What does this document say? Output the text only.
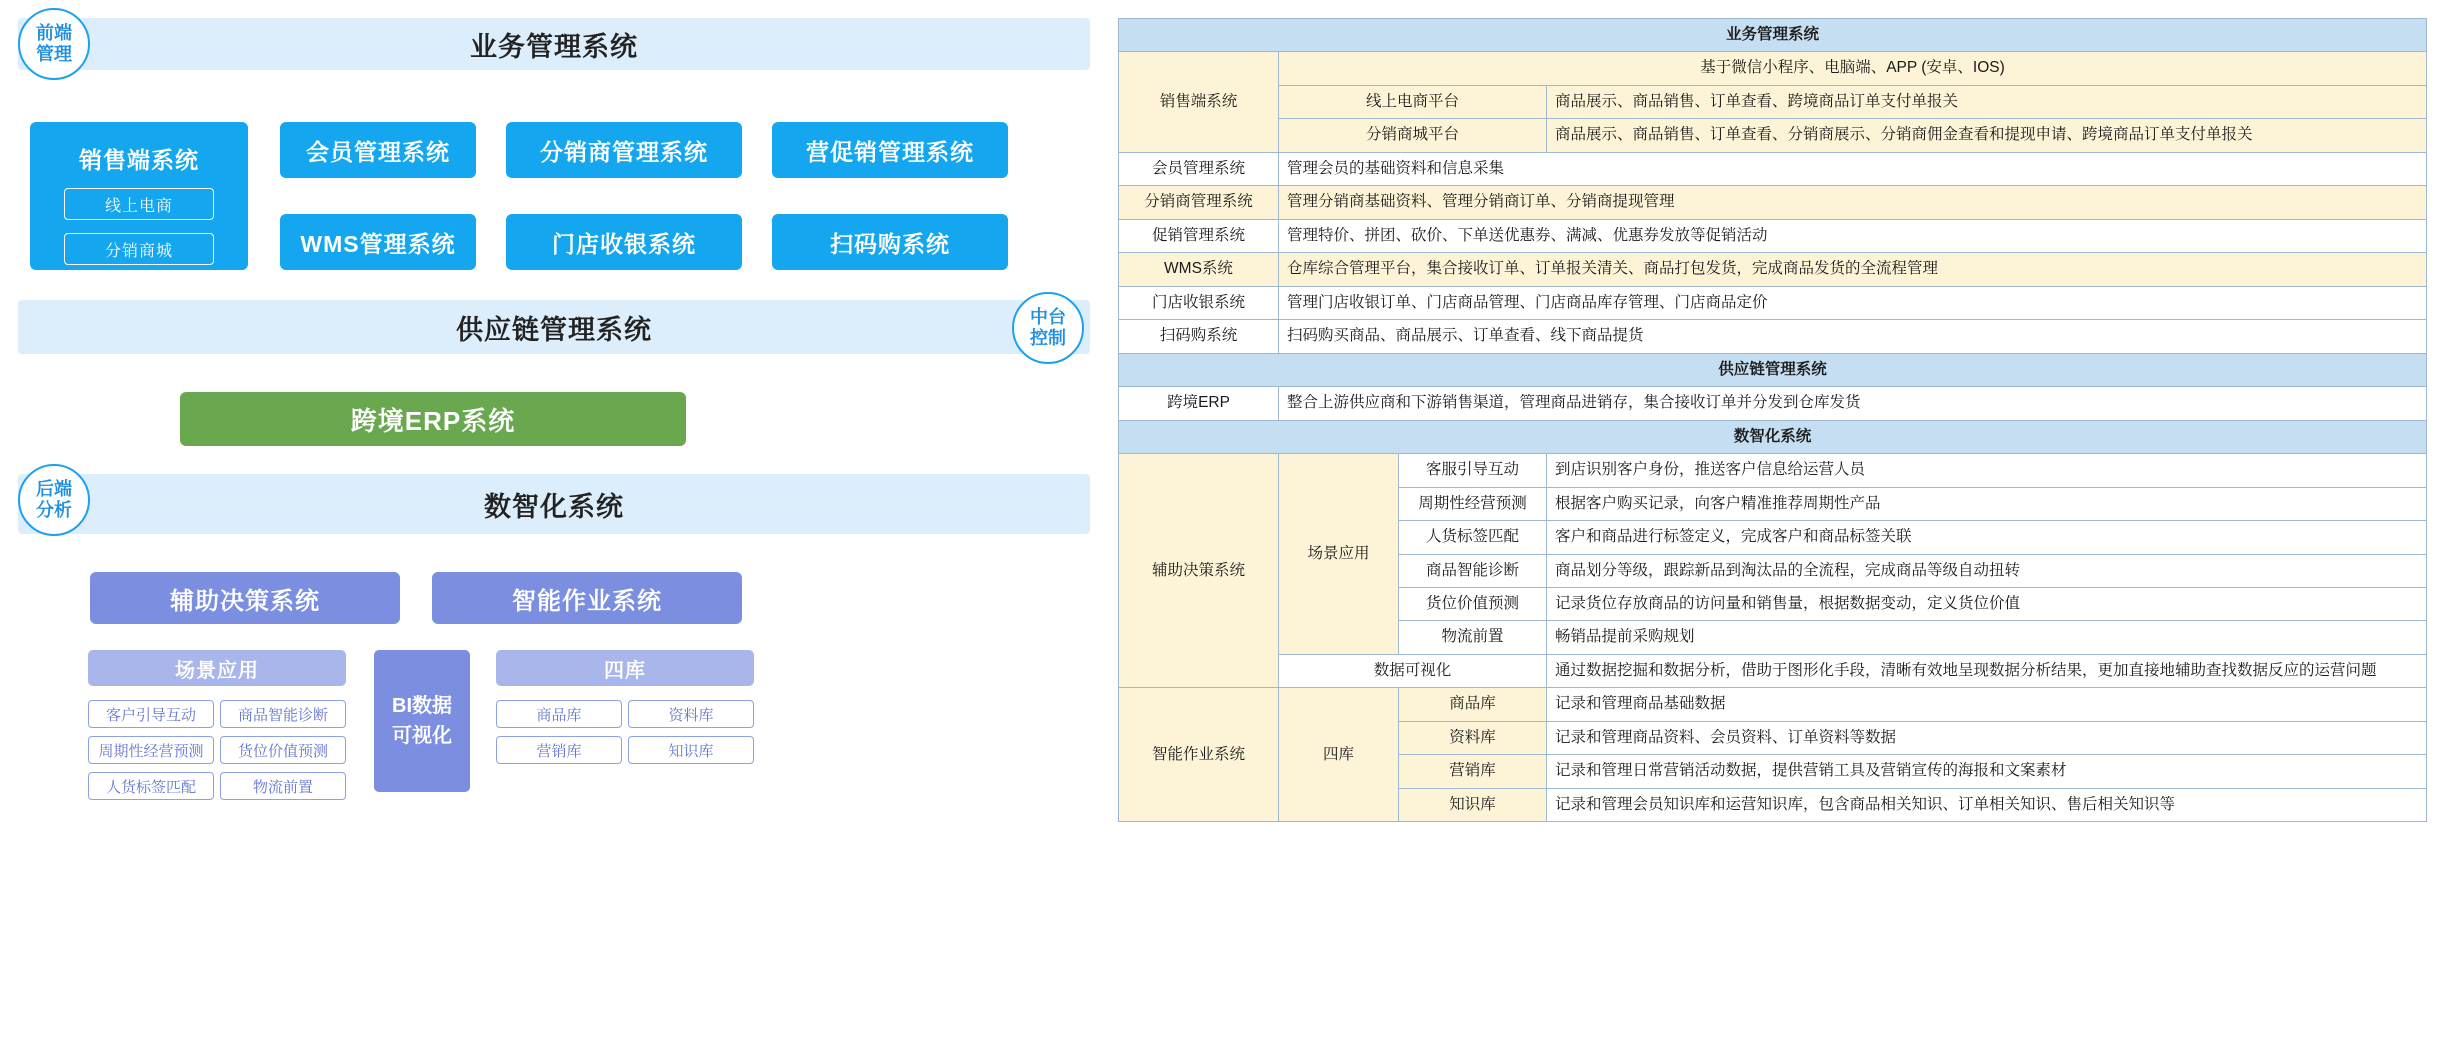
业务管理系统
前端
管理
销售端系统
线上电商
分销商城
会员管理系统	分销商管理系统	营促销管理系统
WMS管理系统	门店收银系统	扫码购系统
供应链管理系统	中台
控制
跨境ERP系统
数智化系统
后端
分析
辅助决策系统	智能作业系统
场景应用
BI数据
可视化
四库
客户引导互动	商品智能诊断
周期性经营预测	货位价值预测
人货标签匹配	物流前置
商品库	资料库
营销库	知识库
业务管理系统			
销售端系统	基于微信小程序、电脑端、APP (安卓、IOS)		
	线上电商平台		商品展示、商品销售、订单查看、跨境商品订单支付单报关
	分销商城平台		商品展示、商品销售、订单查看、分销商展示、分销商佣金查看和提现申请、跨境商品订单支付单报关
会员管理系统	管理会员的基础资料和信息采集		
分销商管理系统	管理分销商基础资料、管理分销商订单、分销商提现管理		
促销管理系统	管理特价、拼团、砍价、下单送优惠券、满减、优惠券发放等促销活动		
WMS系统	仓库综合管理平台，集合接收订单、订单报关清关、商品打包发货，完成商品发货的全流程管理		
门店收银系统	管理门店收银订单、门店商品管理、门店商品库存管理、门店商品定价		
扫码购系统	扫码购买商品、商品展示、订单查看、线下商品提货		
供应链管理系统			
跨境ERP	整合上游供应商和下游销售渠道，管理商品进销存，集合接收订单并分发到仓库发货		
数智化系统			
辅助决策系统	场景应用	客服引导互动	到店识别客户身份，推送客户信息给运营人员
		周期性经营预测	根据客户购买记录，向客户精准推荐周期性产品
		人货标签匹配	客户和商品进行标签定义，完成客户和商品标签关联
		商品智能诊断	商品划分等级，跟踪新品到淘汰品的全流程，完成商品等级自动扭转
		货位价值预测	记录货位存放商品的访问量和销售量，根据数据变动，定义货位价值
		物流前置	畅销品提前采购规划
	数据可视化		通过数据挖掘和数据分析，借助于图形化手段，清晰有效地呈现数据分析结果，更加直接地辅助查找数据反应的运营问题
智能作业系统	四库	商品库	记录和管理商品基础数据
		资料库	记录和管理商品资料、会员资料、订单资料等数据
		营销库	记录和管理日常营销活动数据，提供营销工具及营销宣传的海报和文案素材
		知识库	记录和管理会员知识库和运营知识库，包含商品相关知识、订单相关知识、售后相关知识等
